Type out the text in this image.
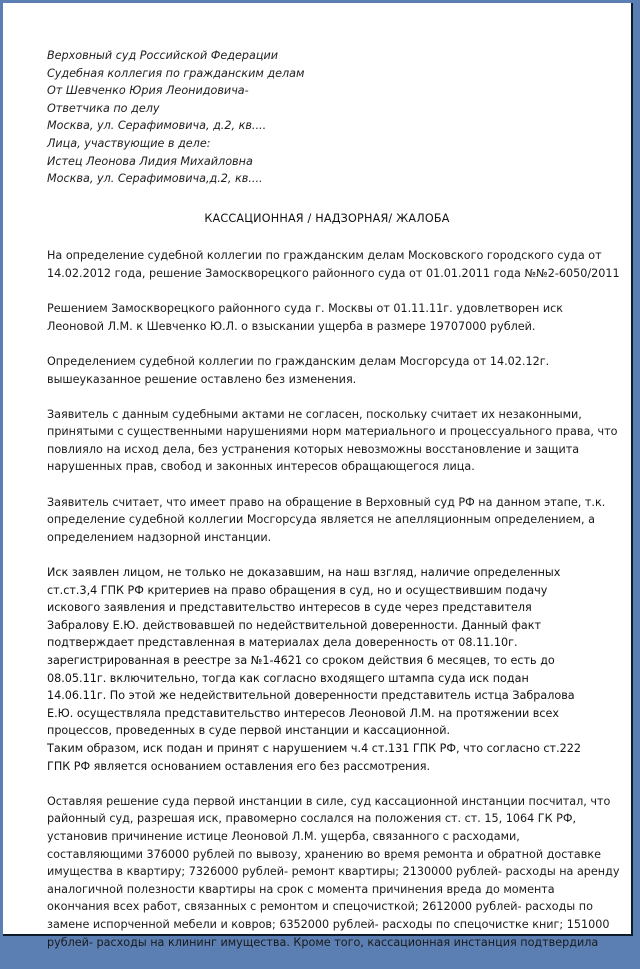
Верховный суд Российской Федерации
Судебная коллегия по гражданским делам
От Шевченко Юрия Леонидовича-
Ответчика по делу
Москва, ул. Серафимовича, д.2, кв....
Лица, участвующие в деле:
Истец Леонова Лидия Михайловна
Москва, ул. Серафимовича,д.2, кв....
КАССАЦИОННАЯ / НАДЗОРНАЯ/ ЖАЛОБА
На определение судебной коллегии по гражданским делам Московского городского суда от
14.02.2012 года, решение Замоскворецкого районного суда от 01.01.2011 года №№2-6050/2011
Решением Замоскворецкого районного суда г. Москвы от 01.11.11г. удовлетворен иск
Леоновой Л.М. к Шевченко Ю.Л. о взыскании ущерба в размере 19707000 рублей.
Определением судебной коллегии по гражданским делам Мосгорсуда от 14.02.12г.
вышеуказанное решение оставлено без изменения.
Заявитель с данным судебными актами не согласен, поскольку считает их незаконными,
принятыми с существенными нарушениями норм материального и процессуального права, что
повлияло на исход дела, без устранения которых невозможны восстановление и защита
нарушенных прав, свобод и законных интересов обращающегося лица.
Заявитель считает, что имеет право на обращение в Верховный суд РФ на данном этапе, т.к.
определение судебной коллегии Мосгорсуда является не апелляционным определением, а
определением надзорной инстанции.
Иск заявлен лицом, не только не доказавшим, на наш взгляд, наличие определенных
ст.ст.3,4 ГПК РФ критериев на право обращения в суд, но и осуществившим подачу
искового заявления и представительство интересов в суде через представителя
Забралову Е.Ю. действовавшей по недействительной доверенности. Данный факт
подтверждает представленная в материалах дела доверенность от 08.11.10г.
зарегистрированная в реестре за №1-4621 со сроком действия 6 месяцев, то есть до
08.05.11г. включительно, тогда как согласно входящего штампа суда иск подан
14.06.11г. По этой же недействительной доверенности представитель истца Забралова
Е.Ю. осуществляла представительство интересов Леоновой Л.М. на протяжении всех
процессов, проведенных в суде первой инстанции и кассационной.
Таким образом, иск подан и принят с нарушением ч.4 ст.131 ГПК РФ, что согласно ст.222
ГПК РФ является основанием оставления его без рассмотрения.
Оставляя решение суда первой инстанции в силе, суд кассационной инстанции посчитал, что
районный суд, разрешая иск, правомерно сослался на положения ст. ст. 15, 1064 ГК РФ,
установив причинение истице Леоновой Л.М. ущерба, связанного с расходами,
составляющими 376000 рублей по вывозу, хранению во время ремонта и обратной доставке
имущества в квартиру; 7326000 рублей- ремонт квартиры; 2130000 рублей- расходы на аренду
аналогичной полезности квартиры на срок с момента причинения вреда до момента
окончания всех работ, связанных с ремонтом и спецочисткой; 2612000 рублей- расходы по
замене испорченной мебели и ковров; 6352000 рублей- расходы по спецочистке книг; 151000
рублей- расходы на клининг имущества. Кроме того, кассационная инстанция подтвердила
